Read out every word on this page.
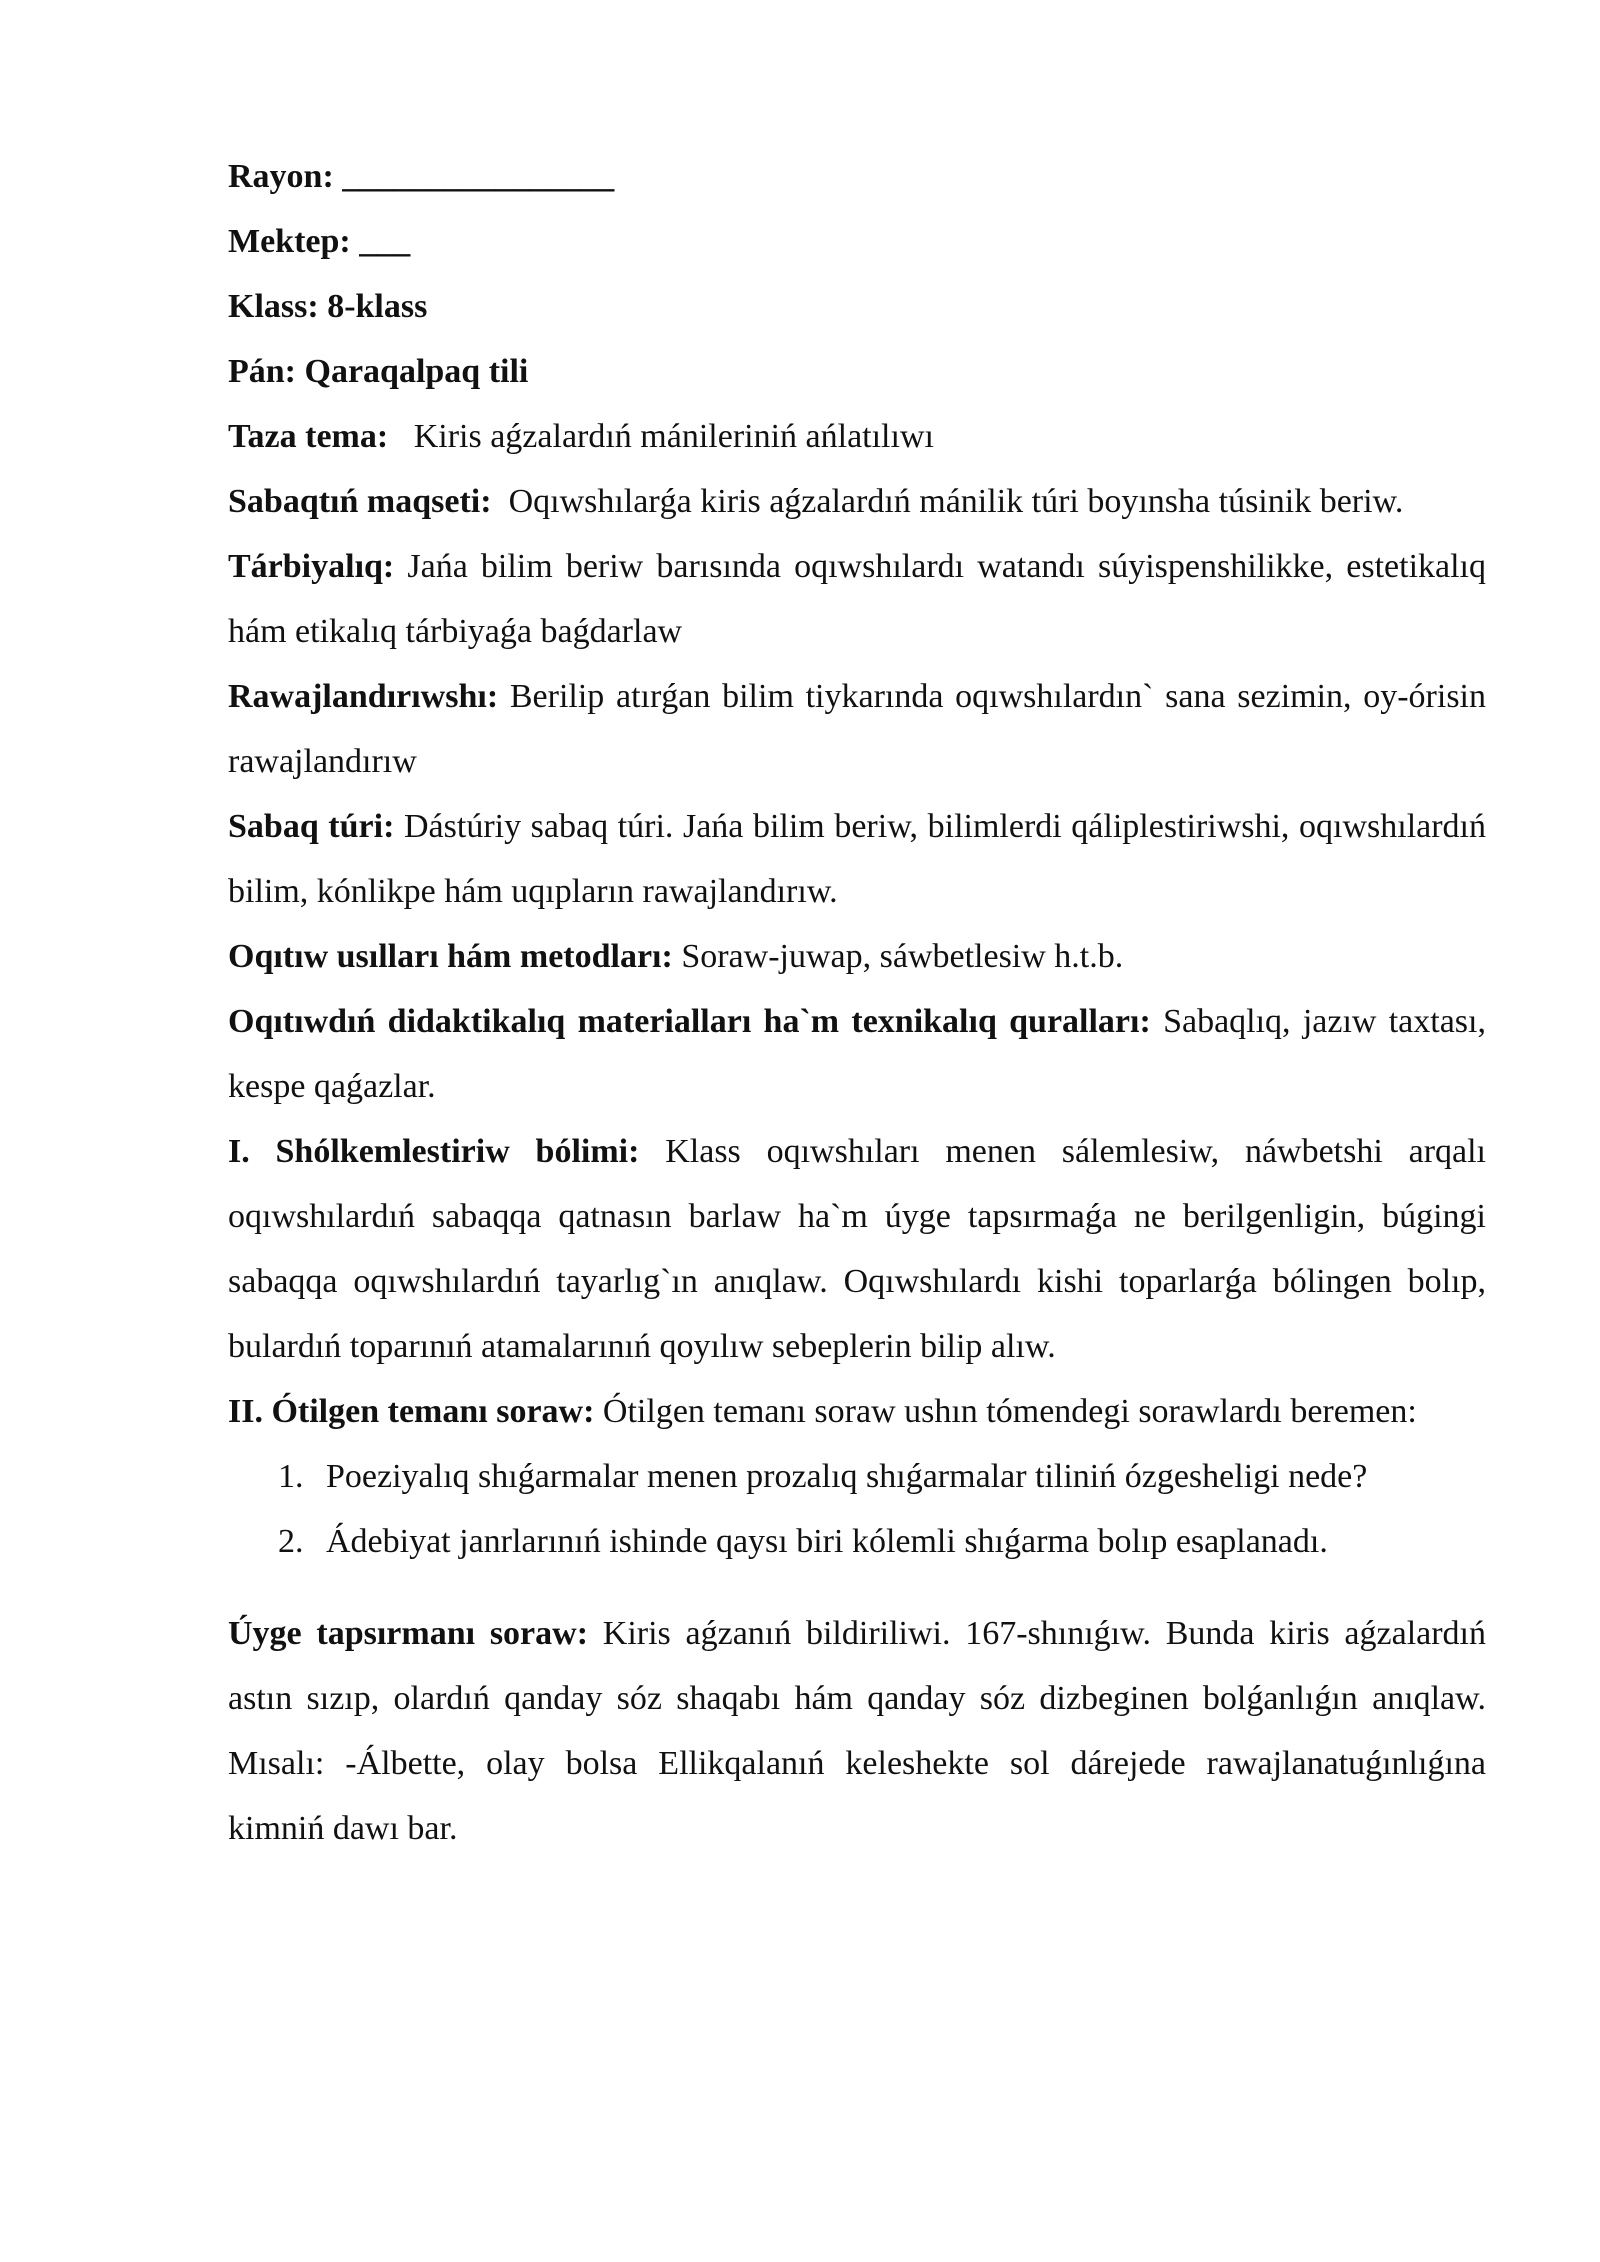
Rayon: ________________

Mektep: ___

Klass: 8-klass

Pán: Qaraqalpaq tili

Taza tema: Kiris aǵzalardıń mánileriniń ańlatılıwı

Sabaqtıń maqseti: Oqıwshılarǵa kiris aǵzalardıń mánilik túri boyınsha túsinik beriw.

Tárbiyalıq: Jańa bilim beriw barısında oqıwshılardı watandı súyispenshilikke, estetikalıq hám etikalıq tárbiyaǵa baǵdarlaw

Rawajlandırıwshı: Berilip atırǵan bilim tiykarında oqıwshılardın` sana sezimin, oy-órisin rawajlandırıw

Sabaq túri: Dástúriy sabaq túri. Jańa bilim beriw, bilimlerdi qáliplestiriwshi, oqıwshılardıń bilim, kónlikpe hám uqıpların rawajlandırıw.

Oqıtıw usılları hám metodları: Soraw-juwap, sáwbetlesiw h.t.b.

Oqıtıwdıń didaktikalıq materialları ha`m texnikalıq quralları: Sabaqlıq, jazıw taxtası, kespe qaǵazlar.

I. Shólkemlestiriw bólimi: Klass oqıwshıları menen sálemlesiw, náwbetshi arqalı oqıwshılardıń sabaqqa qatnasın barlaw ha`m úyge tapsırmaǵa ne berilgenligin, búgingi sabaqqa oqıwshılardıń tayarlıg`ın anıqlaw. Oqıwshılardı kishi toparlarǵa bólingen bolıp, bulardıń toparınıń atamalarınıń qoyılıw sebeplerin bilip alıw.

II. Ótilgen temanı soraw: Ótilgen temanı soraw ushın tómendegi sorawlardı beremen:

Poeziyalıq shıǵarmalar menen prozalıq shıǵarmalar tiliniń ózgesheligi nede?
Ádebiyat janrlarınıń ishinde qaysı biri kólemli shıǵarma bolıp esaplanadı.

Úyge tapsırmanı soraw: Kiris aǵzanıń bildiriliwi. 167-shınıǵıw. Bunda kiris aǵzalardıń astın sızıp, olardıń qanday sóz shaqabı hám qanday sóz dizbeginen bolǵanlıǵın anıqlaw. Mısalı: -Álbette, olay bolsa Ellikqalanıń keleshekte sol dárejede rawajlanatuǵınlıǵına kimniń dawı bar.
